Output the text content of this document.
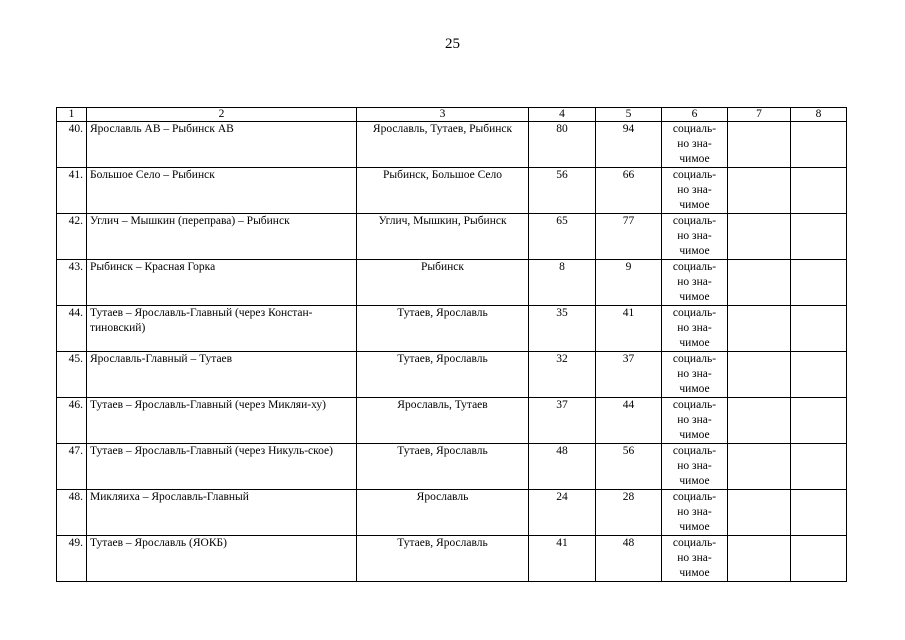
25
1	2	3	4	5	6	7	8
40.	Ярославль АВ – Рыбинск АВ	Ярославль, Тутаев, Рыбинск	80	94	социаль-
но зна-
чимое		

41.	Большое Село – Рыбинск	Рыбинск, Большое Село	56	66	социаль-
но зна-
чимое		

42.	Углич – Мышкин (переправа) – Рыбинск	Углич, Мышкин, Рыбинск	65	77	социаль-
но зна-
чимое		

43.	Рыбинск – Красная Горка	Рыбинск	8	9	социаль-
но зна-
чимое		

44.	Тутаев – Ярославль-Главный (через Констан-тиновский)	Тутаев, Ярославль	35	41	социаль-
но зна-
чимое		

45.	Ярославль-Главный – Тутаев	Тутаев, Ярославль	32	37	социаль-
но зна-
чимое		

46.	Тутаев – Ярославль-Главный (через Микляи-ху)	Ярославль, Тутаев	37	44	социаль-
но зна-
чимое		

47.	Тутаев – Ярославль-Главный (через Никуль-ское)	Тутаев, Ярославль	48	56	социаль-
но зна-
чимое		

48.	Микляиха – Ярославль-Главный	Ярославль	24	28	социаль-
но зна-
чимое		

49.	Тутаев – Ярославль (ЯОКБ)	Тутаев, Ярославль	41	48	социаль-
но зна-
чимое		
